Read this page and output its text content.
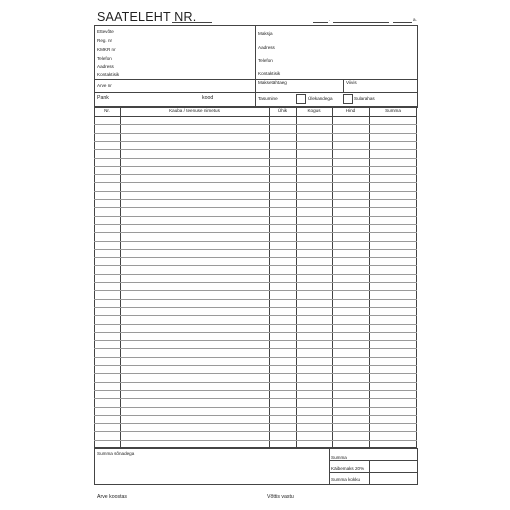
SAATELEHT NR.	.	a.
Ettevõte
Reg. nr
KMKR nr
Telefon
Aadress
Kontaktisik
Maksja
Aadress
Telefon
Kontaktisik
Arve nr
Maksetähtaeg	Viivis
Pank	kood	Tasumine	Ülekandega	Sularahas
Nr.	Kauba / teenuse nimetus	Ühik	Kogus	Hind	Summa

Summa sõnadega
Summa
Käibemaks 20%
Summa kokku
Arve koostas	Võttis vastu
